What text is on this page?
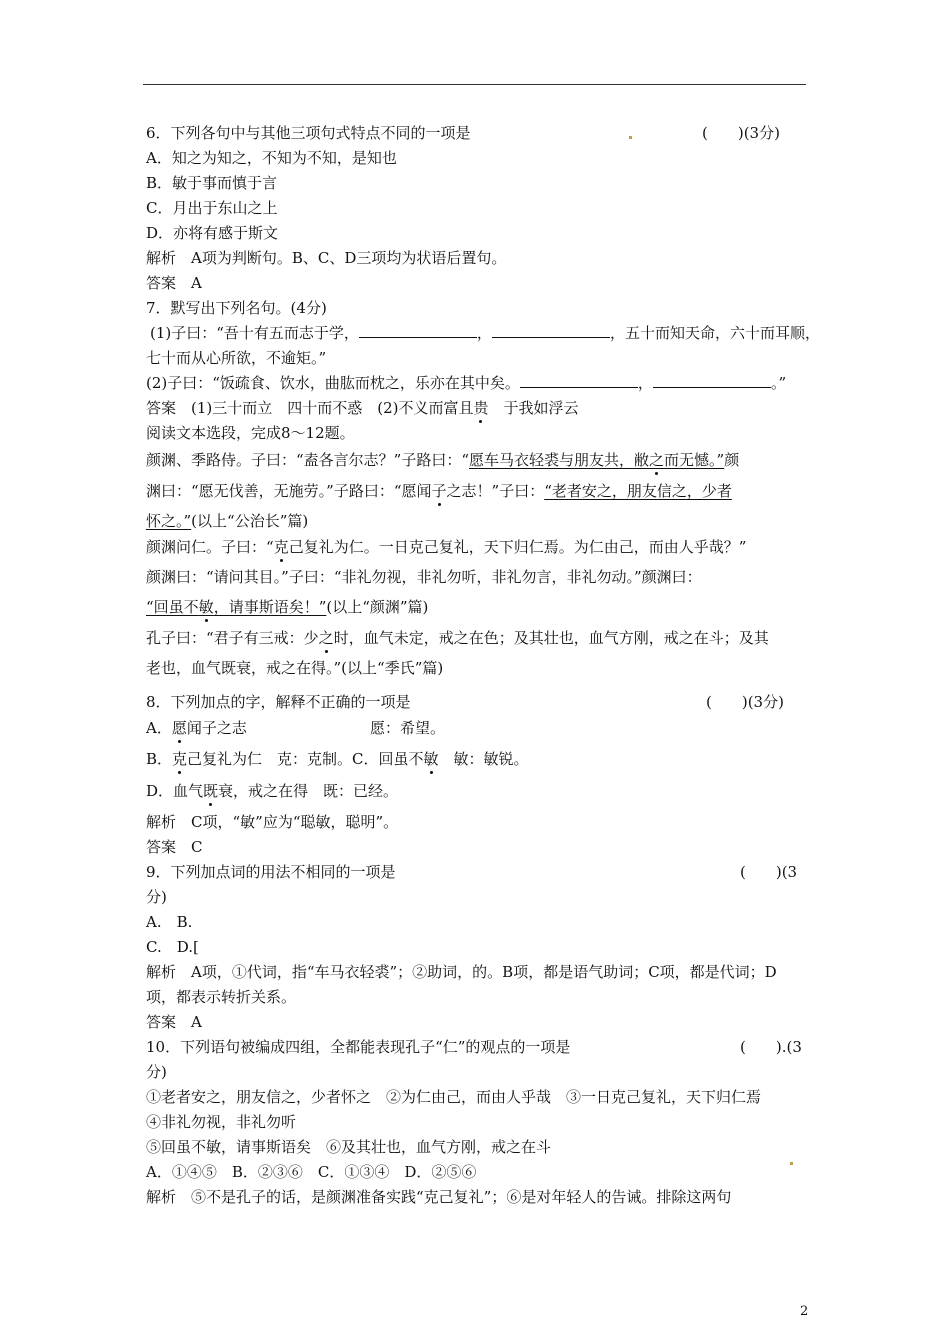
6．下列各句中与其他三项句式特点不同的一项是	(　　)(3分)
A．知之为知之，不知为不知，是知也
B．敏于事而慎于言
C．月出于东山之上
D．亦将有感于斯文
解析　A项为判断句。B、C、D三项均为状语后置句。
答案　A
7．默写出下列名句。(4分)
(1)子曰：“吾十有五而志于学，	，	，五十而知天命，六十而耳顺，
七十而从心所欲，不逾矩。”
(2)子曰：“饭疏食、饮水，曲肱而枕之，乐亦在其中矣。	，	。”
答案　(1)三十而立　四十而不惑　(2)不义而富且贵　于我如浮云
阅读文本选段，完成8～12题。
颜渊、季路侍。子曰：“盍各言尔志？”子路曰：“愿车马衣轻裘与朋友共，敝之而无憾。”颜
渊曰：“愿无伐善，无施劳。”子路曰：“愿闻子之志！”子曰：“老者安之，朋友信之，少者
怀之。”(以上“公治长”篇)
颜渊问仁。子曰：“克己复礼为仁。一日克己复礼，天下归仁焉。为仁由己，而由人乎哉？”
颜渊曰：“请问其目。”子曰：“非礼勿视，非礼勿听，非礼勿言，非礼勿动。”颜渊曰：
“回虽不敏，请事斯语矣！”(以上“颜渊”篇)
孔子曰：“君子有三戒：少之时，血气未定，戒之在色；及其壮也，血气方刚，戒之在斗；及其
老也，血气既衰，戒之在得。”(以上“季氏”篇)
8．下列加点的字，解释不正确的一项是	(　　)(3分)
A．愿闻子之志	愿：希望。
B．克己复礼为仁　克：克制。C．回虽不敏　敏：敏锐。
D．血气既衰，戒之在得　既：已经。
解析　C项，“敏”应为“聪敏，聪明”。
答案　C
9．下列加点词的用法不相同的一项是	(　　)(3
分)
A.　B.
C.　D.[
解析　A项，①代词，指“车马衣轻裘”；②助词，的。B项，都是语气助词；C项，都是代词；D
项，都表示转折关系。
答案　A
10．下列语句被编成四组，全都能表现孔子“仁”的观点的一项是	(　　).(3
分)
①老者安之，朋友信之，少者怀之　②为仁由己，而由人乎哉　③一日克己复礼，天下归仁焉
④非礼勿视，非礼勿听
⑤回虽不敏，请事斯语矣　⑥及其壮也，血气方刚，戒之在斗
A．①④⑤　B．②③⑥　C．①③④　D．②⑤⑥
解析　⑤不是孔子的话，是颜渊准备实践“克己复礼”；⑥是对年轻人的告诫。排除这两句
2
